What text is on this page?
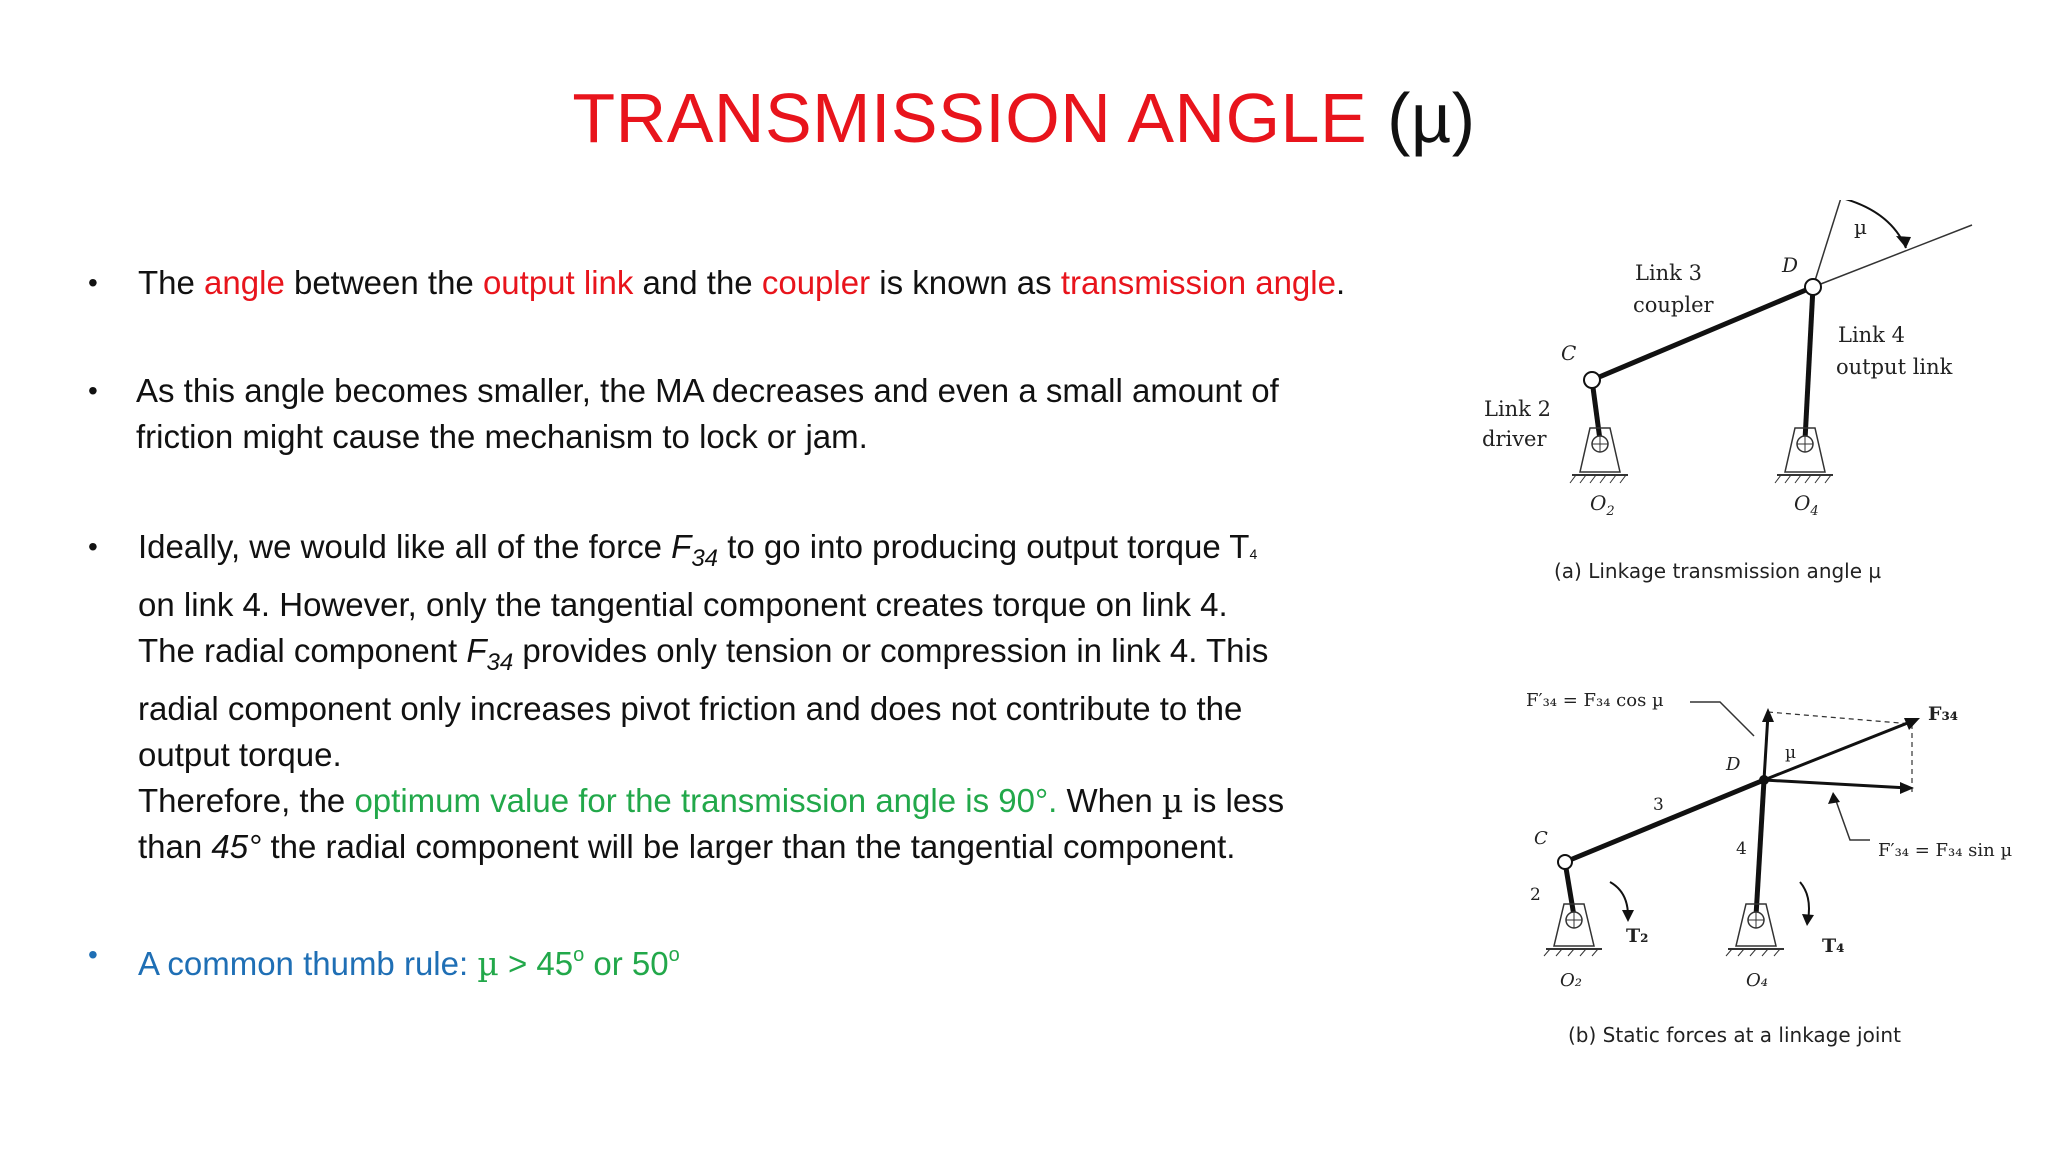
TRANSMISSION ANGLE (µ)
• The angle between the output link and the coupler is known as transmission angle.
• As this angle becomes smaller, the MA decreases and even a small amount of
friction might cause the mechanism to lock or jam.
• Ideally, we would like all of the force $F_{34}$ to go into producing output torque T4
on link 4. However, only the tangential component creates torque on link 4.
The radial component $F_{34}$ provides only tension or compression in link 4. This
radial component only increases pivot friction and does not contribute to the
output torque.
Therefore, the optimum value for the transmission angle is 90°. When µ is less
than 45° the radial component will be larger than the tangential component.
• A common thumb rule: $\mu > 45^o$ or 50$^o$
µ
D
C
Link 3
coupler
Link 4
output link
Link 2
driver
$O_2$	$O_4$
(a) Linkage transmission angle µ
F′₃₄ = F₃₄ cos µ
F′₃₄ = F₃₄ sin µ
F₃₄
µ
D
C
2
3
4
T₂	T₄
O₂	O₄
(b) Static forces at a linkage joint
